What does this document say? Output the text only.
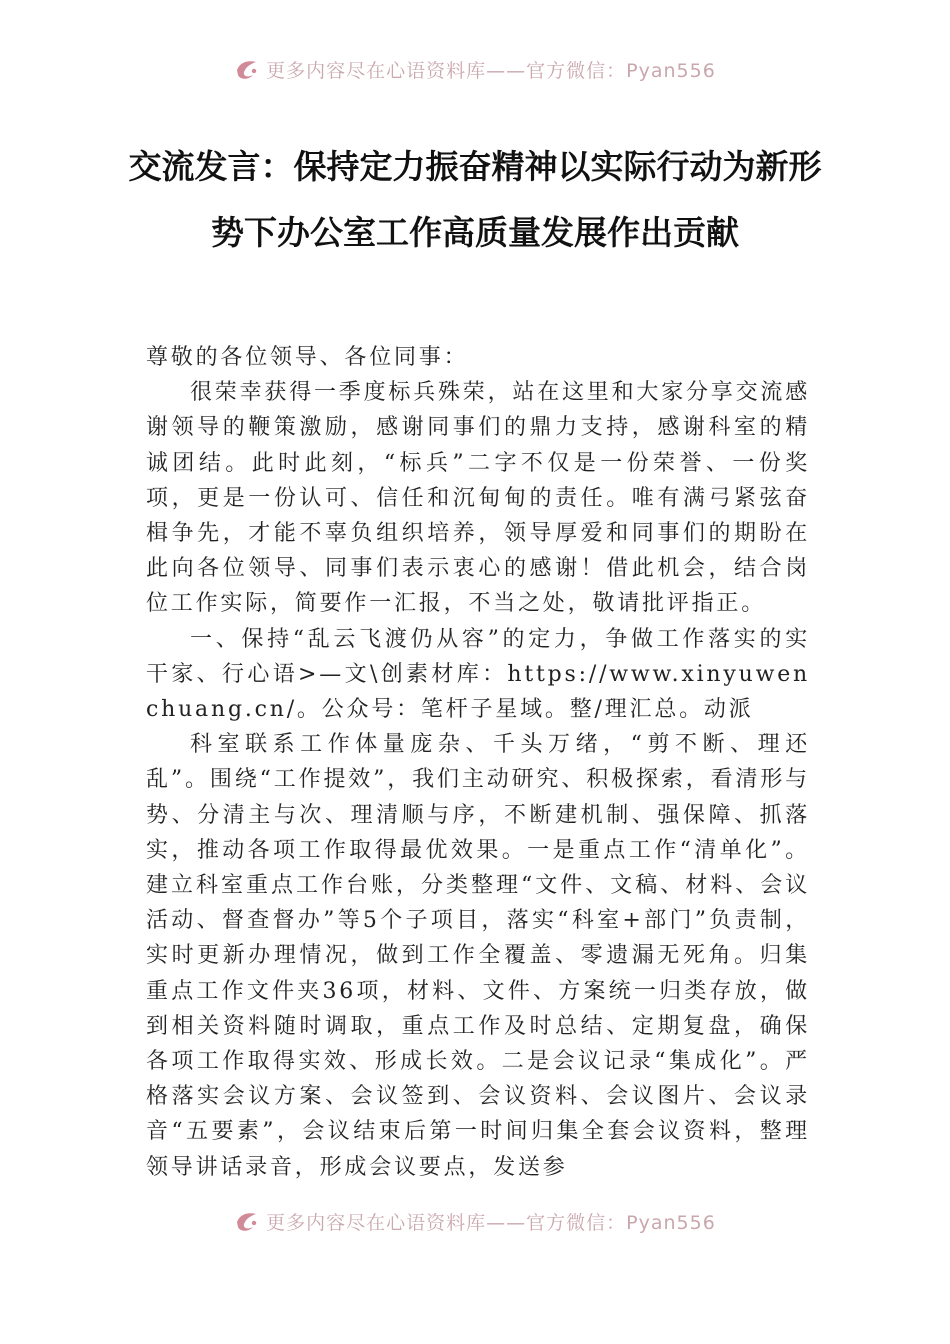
更多内容尽在心语资料库——官方微信：Pyan556
交流发言：保持定力振奋精神以实际行动为新形势下办公室工作高质量发展作出贡献

尊敬的各位领导、各位同事：

很荣幸获得一季度标兵殊荣，站在这里和大家分享交流感谢领导的鞭策激励，感谢同事们的鼎力支持，感谢科室的精诚团结。此时此刻，“标兵”二字不仅是一份荣誉、一份奖项，更是一份认可、信任和沉甸甸的责任。唯有满弓紧弦奋楫争先，才能不辜负组织培养，领导厚爱和同事们的期盼在此向各位领导、同事们表示衷心的感谢！借此机会，结合岗位工作实际，简要作一汇报，不当之处，敬请批评指正。

一、保持“乱云飞渡仍从容”的定力，争做工作落实的实干家、行心语>—文\创素材库：https://www.xinyuwenchuang.cn/。公众号：笔杆子星域。整/理汇总。动派

科室联系工作体量庞杂、千头万绪，“剪不断、理还乱”。围绕“工作提效”，我们主动研究、积极探索，看清形与势、分清主与次、理清顺与序，不断建机制、强保障、抓落实，推动各项工作取得最优效果。一是重点工作“清单化”。建立科室重点工作台账，分类整理“文件、文稿、材料、会议活动、督查督办”等5个子项目，落实“科室+部门”负责制，实时更新办理情况，做到工作全覆盖、零遗漏无死角。归集重点工作文件夹36项，材料、文件、方案统一归类存放，做到相关资料随时调取，重点工作及时总结、定期复盘，确保各项工作取得实效、形成长效。二是会议记录“集成化”。严格落实会议方案、会议签到、会议资料、会议图片、会议录音“五要素”，会议结束后第一时间归集全套会议资料，整理领导讲话录音，形成会议要点，发送参

更多内容尽在心语资料库——官方微信：Pyan556
